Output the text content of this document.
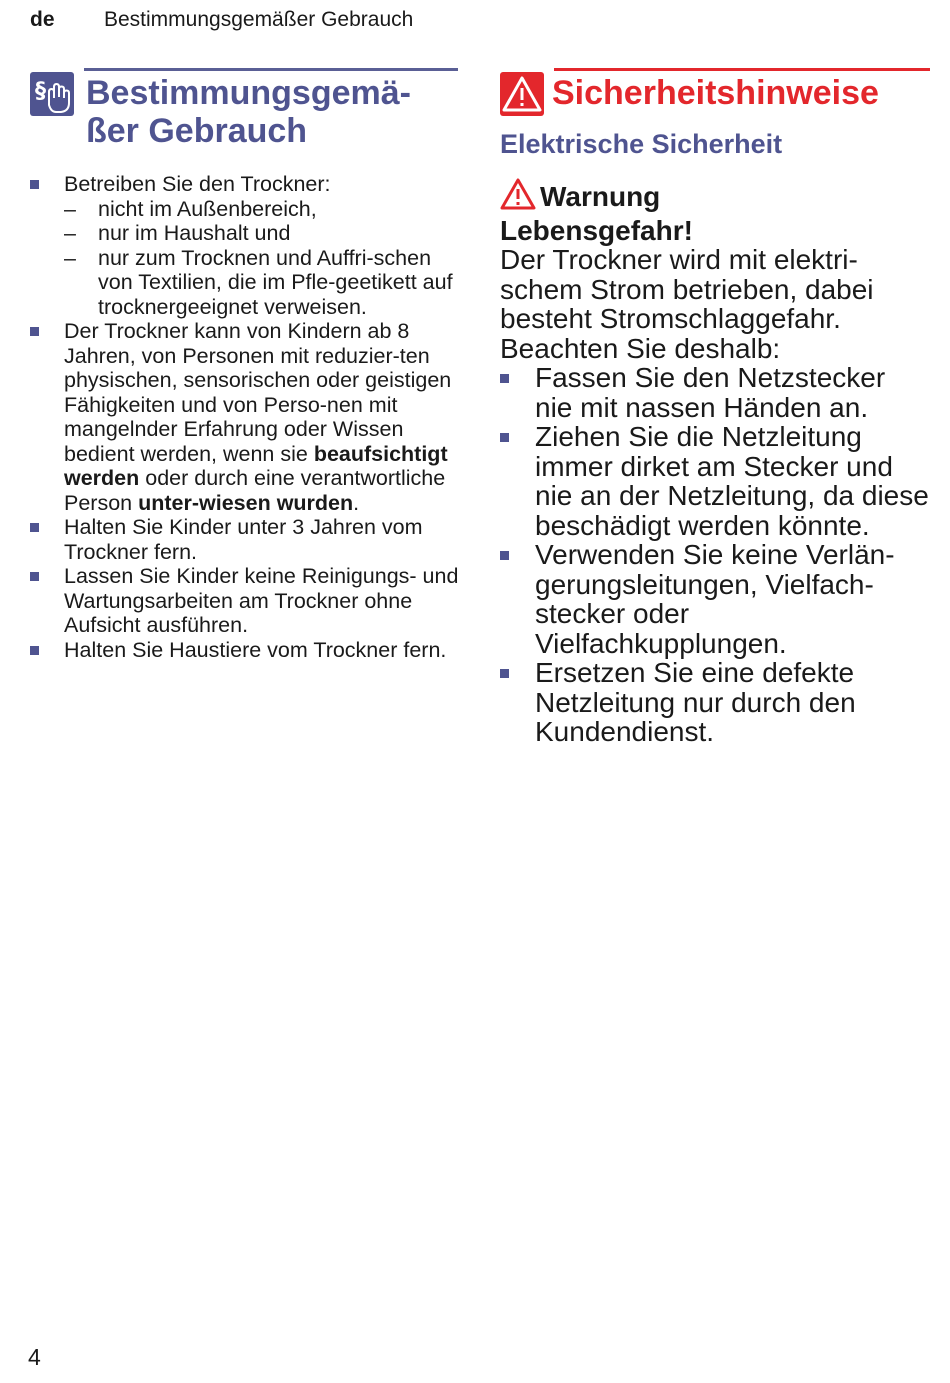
de Bestimmungsgemäßer Gebrauch
§ Bestimmungsgemä-
ßer Gebrauch
Betreiben Sie den Trockner:
– nicht im Außenbereich,
– nur im Haushalt und
– nur zum Trocknen und Auffri-schen von Textilien, die im Pfle-geetikett auf trocknergeeignet verweisen.
Der Trockner kann von Kindern ab 8 Jahren, von Personen mit reduzier-ten physischen, sensorischen oder geistigen Fähigkeiten und von Perso-nen mit mangelnder Erfahrung oder Wissen bedient werden, wenn sie beaufsichtigt werden oder durch eine verantwortliche Person unter-wiesen wurden.
Halten Sie Kinder unter 3 Jahren vom Trockner fern.
Lassen Sie Kinder keine Reinigungs- und Wartungsarbeiten am Trockner ohne Aufsicht ausführen.
Halten Sie Haustiere vom Trockner fern.
Sicherheitshinweise
Elektrische Sicherheit
Warnung
Lebensgefahr!
Der Trockner wird mit elektri-schem Strom betrieben, dabei besteht Stromschlaggefahr.
Beachten Sie deshalb:
Fassen Sie den Netzstecker nie mit nassen Händen an.
Ziehen Sie die Netzleitung immer dirket am Stecker und nie an der Netzleitung, da diese beschädigt werden könnte.
Verwenden Sie keine Verlän-gerungsleitungen, Vielfach-stecker oder Vielfachkupplungen.
Ersetzen Sie eine defekte Netzleitung nur durch den Kundendienst.
4
